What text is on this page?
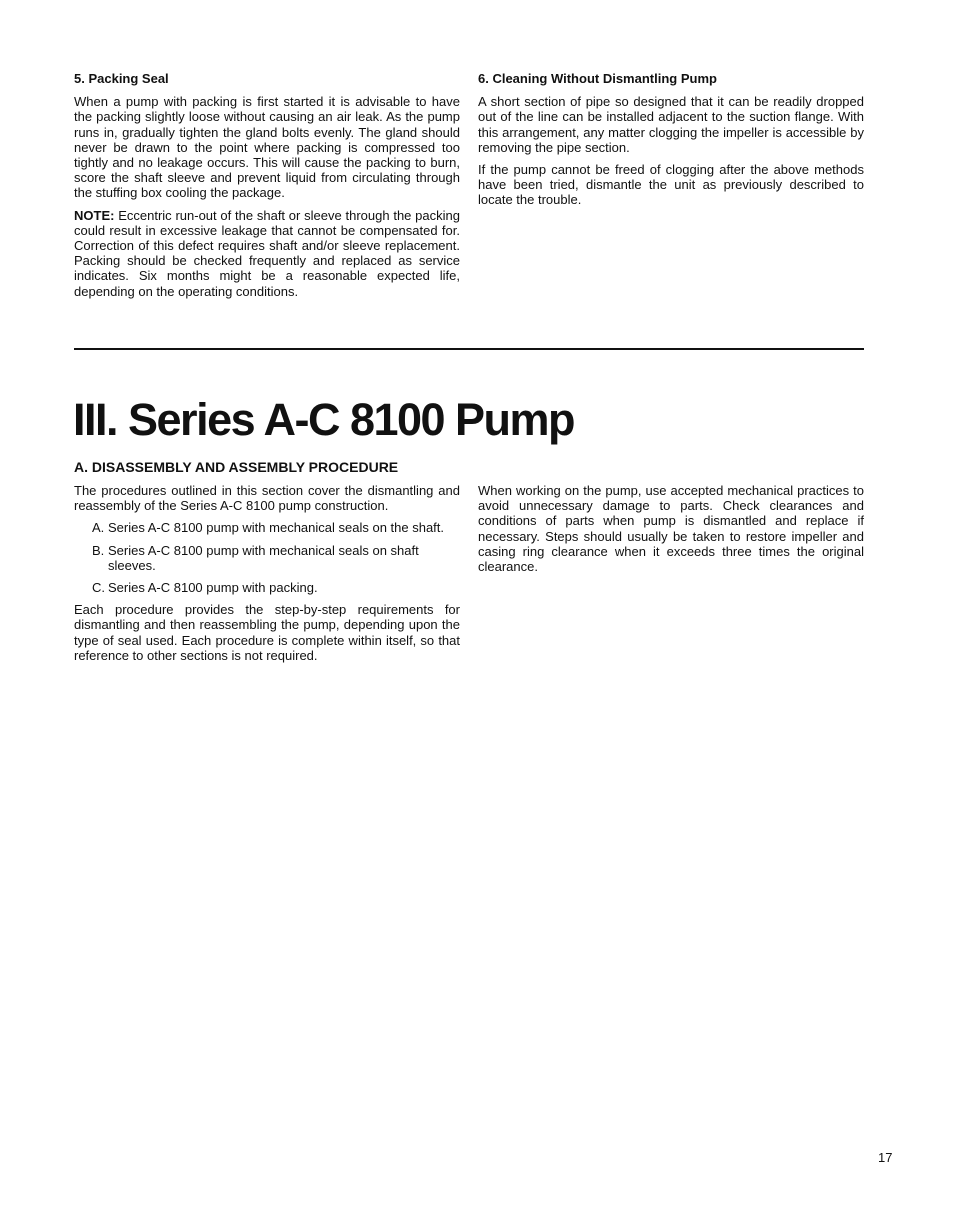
5. Packing Seal

When a pump with packing is first started it is advisable to have the packing slightly loose without causing an air leak. As the pump runs in, gradually tighten the gland bolts evenly. The gland should never be drawn to the point where packing is compressed too tightly and no leakage occurs. This will cause the packing to burn, score the shaft sleeve and prevent liquid from circulating through the stuffing box cooling the package.

NOTE: Eccentric run-out of the shaft or sleeve through the packing could result in excessive leakage that cannot be compensated for. Correction of this defect requires shaft and/or sleeve replacement. Packing should be checked frequently and replaced as service indicates. Six months might be a reasonable expected life, depending on the operating conditions.

6. Cleaning Without Dismantling Pump

A short section of pipe so designed that it can be readily dropped out of the line can be installed adjacent to the suction flange. With this arrangement, any matter clogging the impeller is accessible by removing the pipe section.

If the pump cannot be freed of clogging after the above methods have been tried, dismantle the unit as previously described to locate the trouble.

III. Series A-C 8100 Pump
A. DISASSEMBLY AND ASSEMBLY PROCEDURE

The procedures outlined in this section cover the dismantling and reassembly of the Series A-C 8100 pump construction.

A. Series A-C 8100 pump with mechanical seals on the shaft.
B. Series A-C 8100 pump with mechanical seals on shaft sleeves.
C. Series A-C 8100 pump with packing.

Each procedure provides the step-by-step requirements for dismantling and then reassembling the pump, depending upon the type of seal used. Each procedure is complete within itself, so that reference to other sections is not required.

When working on the pump, use accepted mechanical practices to avoid unnecessary damage to parts. Check clearances and conditions of parts when pump is dismantled and replace if necessary. Steps should usually be taken to restore impeller and casing ring clearance when it exceeds three times the original clearance.

17
